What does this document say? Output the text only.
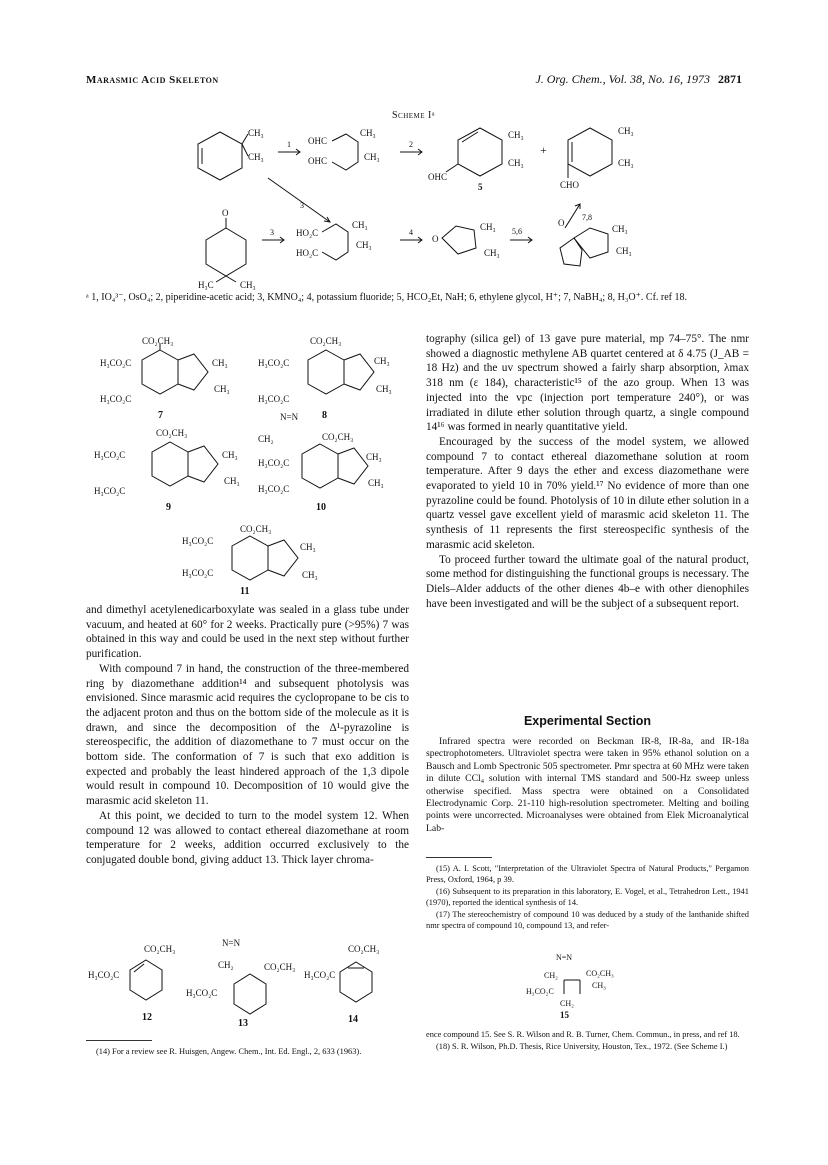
Marasmic Acid Skeleton	J. Org. Chem., Vol. 38, No. 16, 1973 2871
Scheme Iᵃ
CH₃
CH₃
1 OHC
OHC
CH₃
CH₃
2
OHC
CH₃
CH₃
5
+
CHO
CH₃
CH₃
7,8
3
O
H₃C	CH₃
3 HO₂C
HO₂C
CH₃
CH₃
4
O
CH₃
CH₃
5,6
O
CH₃
CH₃
ᵃ 1, IO₄³⁻, OsO₄; 2, piperidine-acetic acid; 3, KMNO₄; 4, potassium fluoride; 5, HCO₂Et, NaH; 6, ethylene glycol, H⁺; 7, NaBH₄; 8, H₃O⁺. Cf. ref 18.
CO₂CH₃
H₃CO₂C
H₃CO₂C
CH₃
CH₃
7
CO₂CH₃
H₃CO₂C
H₃CO₂C
CH₃
CH₃
8
CO₂CH₃
H₃CO₂C
H₃CO₂C
CH₃
CH₃
9
N=N
CH₂	CO₂CH₃
H₃CO₂C
H₃CO₂C
CH₃
CH₃
10
CO₂CH₃
H₃CO₂C
H₃CO₂C
CH₃
CH₃
11

and dimethyl acetylenedicarboxylate was sealed in a glass tube under vacuum, and heated at 60° for 2 weeks. Practically pure (>95%) 7 was obtained in this way and could be used in the next step without further purification.

With compound 7 in hand, the construction of the three-membered ring by diazomethane addition¹⁴ and subsequent photolysis was envisioned. Since marasmic acid requires the cyclopropane to be cis to the adjacent proton and thus on the bottom side of the molecule as it is drawn, and since the decomposition of the Δ¹-pyrazoline is stereospecific, the addition of diazomethane to 7 must occur on the bottom side. The conformation of 7 is such that exo addition is expected and probably the least hindered approach of the 1,3 dipole would result in compound 10. Decomposition of 10 would give the marasmic acid skeleton 11.

At this point, we decided to turn to the model system 12. When compound 12 was allowed to contact ethereal diazomethane at room temperature for 2 weeks, addition occurred exclusively to the conjugated double bond, giving adduct 13. Thick layer chroma-

CO₂CH₃
H₃CO₂C
12
N=N
CH₂	CO₂CH₃
H₃CO₂C
13
CO₂CH₃
H₃CO₂C
14

(14) For a review see R. Huisgen, Angew. Chem., Int. Ed. Engl., 2, 633 (1963).

tography (silica gel) of 13 gave pure material, mp 74–75°. The nmr showed a diagnostic methylene AB quartet centered at δ 4.75 (J_AB = 18 Hz) and the uv spectrum showed a fairly sharp absorption, λmax 318 nm (ε 184), characteristic¹⁵ of the azo group. When 13 was injected into the vpc (injection port temperature 240°), or was irradiated in dilute ether solution through quartz, a single compound 14¹⁶ was formed in nearly quantitative yield.

Encouraged by the success of the model system, we allowed compound 7 to contact ethereal diazomethane solution at room temperature. After 9 days the ether and excess diazomethane were evaporated to yield 10 in 70% yield.¹⁷ No evidence of more than one pyrazoline could be found. Photolysis of 10 in dilute ether solution in a quartz vessel gave excellent yield of marasmic acid skeleton 11. The synthesis of 11 represents the first stereospecific synthesis of the marasmic acid skeleton.

To proceed further toward the ultimate goal of the natural product, some method for distinguishing the functional groups is necessary. The Diels–Alder adducts of the other dienes 4b–e with other dienophiles have been investigated and will be the subject of a subsequent report.

Experimental Section

Infrared spectra were recorded on Beckman IR-8, IR-8a, and IR-18a spectrophotometers. Ultraviolet spectra were taken in 95% ethanol solution on a Bausch and Lomb Spectronic 505 spectrometer. Pmr spectra at 60 MHz were taken in dilute CCl₄ solution with internal TMS standard and 500-Hz sweep unless otherwise specified. Mass spectra were obtained on a Consolidated Electrodynamic Corp. 21-110 high-resolution spectrometer. Melting and boiling points were uncorrected. Microanalyses were obtained from Elek Microanalytical Lab-

(15) A. I. Scott, "Interpretation of the Ultraviolet Spectra of Natural Products," Pergamon Press, Oxford, 1964, p 39.

(16) Subsequent to its preparation in this laboratory, E. Vogel, et al., Tetrahedron Lett., 1941 (1970), reported the identical synthesis of 14.

(17) The stereochemistry of compound 10 was deduced by a study of the lanthanide shifted nmr spectra of compound 10, compound 13, and refer-

N=N
CH₂	CO₂CH₃
CH₃
H₃CO₂C
CH₂
15

ence compound 15. See S. R. Wilson and R. B. Turner, Chem. Commun., in press, and ref 18.

(18) S. R. Wilson, Ph.D. Thesis, Rice University, Houston, Tex., 1972. (See Scheme I.)
